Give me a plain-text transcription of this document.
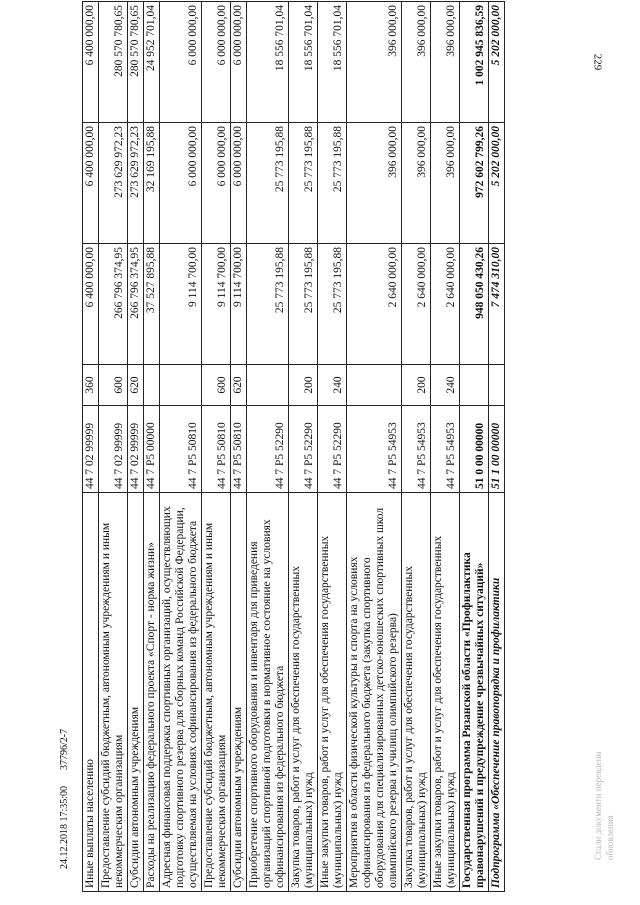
229
24.12.2018 17:35:00
37796/2-7
Стали документи перевдени обновления
Иные выплаты населению	44 7 02 99999	360	6 400 000,00	6 400 000,00	6 400 000,00
Предоставление субсидий бюджетным, автономным учреждениям и иным некоммерческим организациям	44 7 02 99999	600	266 796 374,95	273 629 972,23	280 570 780,65
Субсидии автономным учреждениям	44 7 02 99999	620	266 796 374,95	273 629 972,23	280 570 780,65
Расходы на реализацию федерального проекта «Спорт - норма жизни»	44 7 Р5 00000		37 527 895,88	32 169 195,88	24 952 701,04
Адресная финансовая поддержка спортивных организаций, осуществляющих подготовку спортивного резерва для сборных команд Российской Федерации, осуществляемая на условиях софинансирования из федерального бюджета	44 7 Р5 50810		9 114 700,00	6 000 000,00	6 000 000,00
Предоставление субсидий бюджетным, автономным учреждениям и иным некоммерческим организациям	44 7 Р5 50810	600	9 114 700,00	6 000 000,00	6 000 000,00
Субсидии автономным учреждениям	44 7 Р5 50810	620	9 114 700,00	6 000 000,00	6 000 000,00
Приобретение спортивного оборудования и инвентаря для приведения организаций спортивной подготовки в нормативное состояние на условиях софинансирования из федерального бюджета	44 7 Р5 52290		25 773 195,88	25 773 195,88	18 556 701,04
Закупка товаров, работ и услуг для обеспечения государственных (муниципальных) нужд	44 7 Р5 52290	200	25 773 195,88	25 773 195,88	18 556 701,04
Иные закупки товаров, работ и услуг для обеспечения государственных (муниципальных) нужд	44 7 Р5 52290	240	25 773 195,88	25 773 195,88	18 556 701,04
Мероприятия в области физической культуры и спорта на условиях софинансирования из федерального бюджета (закупка спортивного оборудования для специализированных детско-юношеских спортивных школ олимпийского резерва и училищ олимпийского резерва)	44 7 Р5 54953		2 640 000,00	396 000,00	396 000,00
Закупка товаров, работ и услуг для обеспечения государственных (муниципальных) нужд	44 7 Р5 54953	200	2 640 000,00	396 000,00	396 000,00
Иные закупки товаров, работ и услуг для обеспечения государственных (муниципальных) нужд	44 7 Р5 54953	240	2 640 000,00	396 000,00	396 000,00
Государственная программа Рязанской области «Профилактика правонарушений и предупреждение чрезвычайных ситуаций»	51 0 00 00000		948 050 430,26	972 602 799,26	1 002 945 836,59
Подпрограмма «Обеспечение правопорядка и профилактики	51 1 00 00000		7 474 310,00	5 202 000,00	5 202 000,00
